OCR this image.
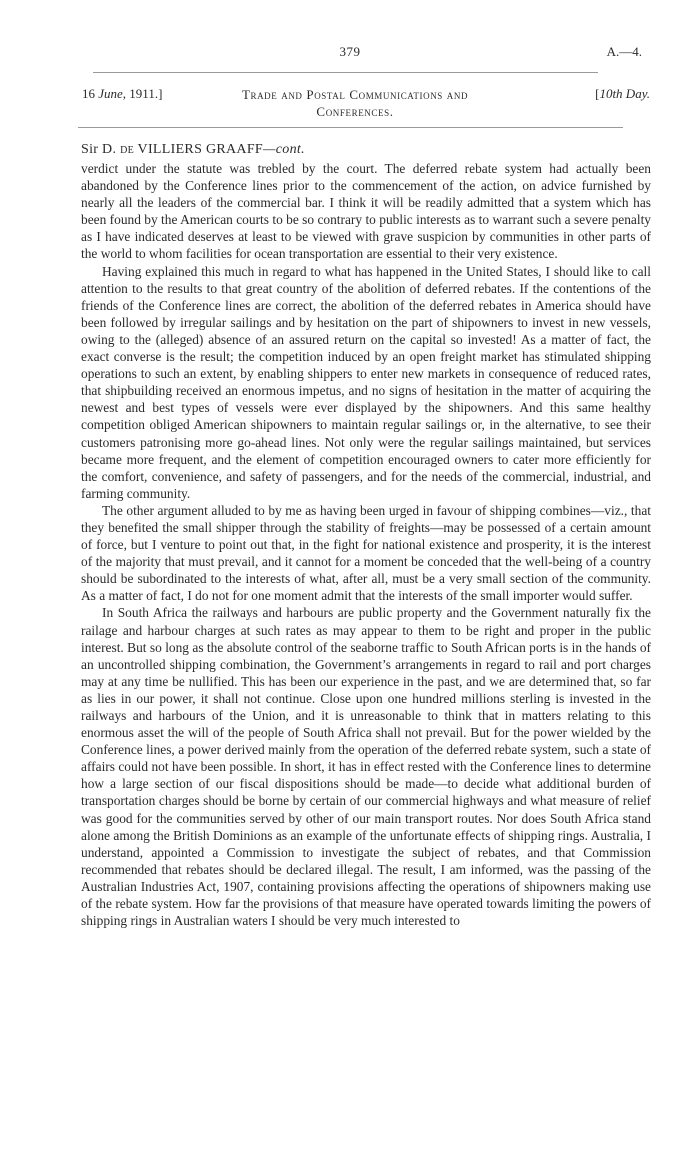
379	A.—4.
16 June, 1911.]	Trade and Postal Communications and Conferences.
[10th Day.
Sir D. de VILLIERS GRAAFF—cont.

verdict under the statute was trebled by the court. The deferred rebate system had actually been abandoned by the Conference lines prior to the commencement of the action, on advice furnished by nearly all the leaders of the commercial bar. I think it will be readily admitted that a system which has been found by the American courts to be so contrary to public interests as to warrant such a severe penalty as I have indicated deserves at least to be viewed with grave suspicion by communities in other parts of the world to whom facilities for ocean transportation are essential to their very existence.

Having explained this much in regard to what has happened in the United States, I should like to call attention to the results to that great country of the abolition of deferred rebates. If the contentions of the friends of the Conference lines are correct, the abolition of the deferred rebates in America should have been followed by irregular sailings and by hesitation on the part of shipowners to invest in new vessels, owing to the (alleged) absence of an assured return on the capital so invested! As a matter of fact, the exact converse is the result; the competition induced by an open freight market has stimulated shipping operations to such an extent, by enabling shippers to enter new markets in consequence of reduced rates, that shipbuilding received an enormous impetus, and no signs of hesitation in the matter of acquiring the newest and best types of vessels were ever displayed by the shipowners. And this same healthy competition obliged American shipowners to maintain regular sailings or, in the alternative, to see their customers patronising more go-ahead lines. Not only were the regular sailings maintained, but services became more frequent, and the element of competition encouraged owners to cater more efficiently for the comfort, convenience, and safety of passengers, and for the needs of the commercial, industrial, and farming community.

The other argument alluded to by me as having been urged in favour of shipping combines—viz., that they benefited the small shipper through the stability of freights—may be possessed of a certain amount of force, but I venture to point out that, in the fight for national existence and prosperity, it is the interest of the majority that must prevail, and it cannot for a moment be conceded that the well-being of a country should be subordinated to the interests of what, after all, must be a very small section of the community. As a matter of fact, I do not for one moment admit that the interests of the small importer would suffer.

In South Africa the railways and harbours are public property and the Government naturally fix the railage and harbour charges at such rates as may appear to them to be right and proper in the public interest. But so long as the absolute control of the seaborne traffic to South African ports is in the hands of an uncontrolled shipping combination, the Government’s arrangements in regard to rail and port charges may at any time be nullified. This has been our experience in the past, and we are determined that, so far as lies in our power, it shall not continue. Close upon one hundred millions sterling is invested in the railways and harbours of the Union, and it is unreasonable to think that in matters relating to this enormous asset the will of the people of South Africa shall not prevail. But for the power wielded by the Conference lines, a power derived mainly from the operation of the deferred rebate system, such a state of affairs could not have been possible. In short, it has in effect rested with the Conference lines to determine how a large section of our fiscal dispositions should be made—to decide what additional burden of transportation charges should be borne by certain of our commercial highways and what measure of relief was good for the communities served by other of our main transport routes. Nor does South Africa stand alone among the British Dominions as an example of the unfortunate effects of shipping rings. Australia, I understand, appointed a Commission to investigate the subject of rebates, and that Commission recommended that rebates should be declared illegal. The result, I am informed, was the passing of the Australian Industries Act, 1907, containing provisions affecting the operations of shipowners making use of the rebate system. How far the provisions of that measure have operated towards limiting the powers of shipping rings in Australian waters I should be very much interested to
